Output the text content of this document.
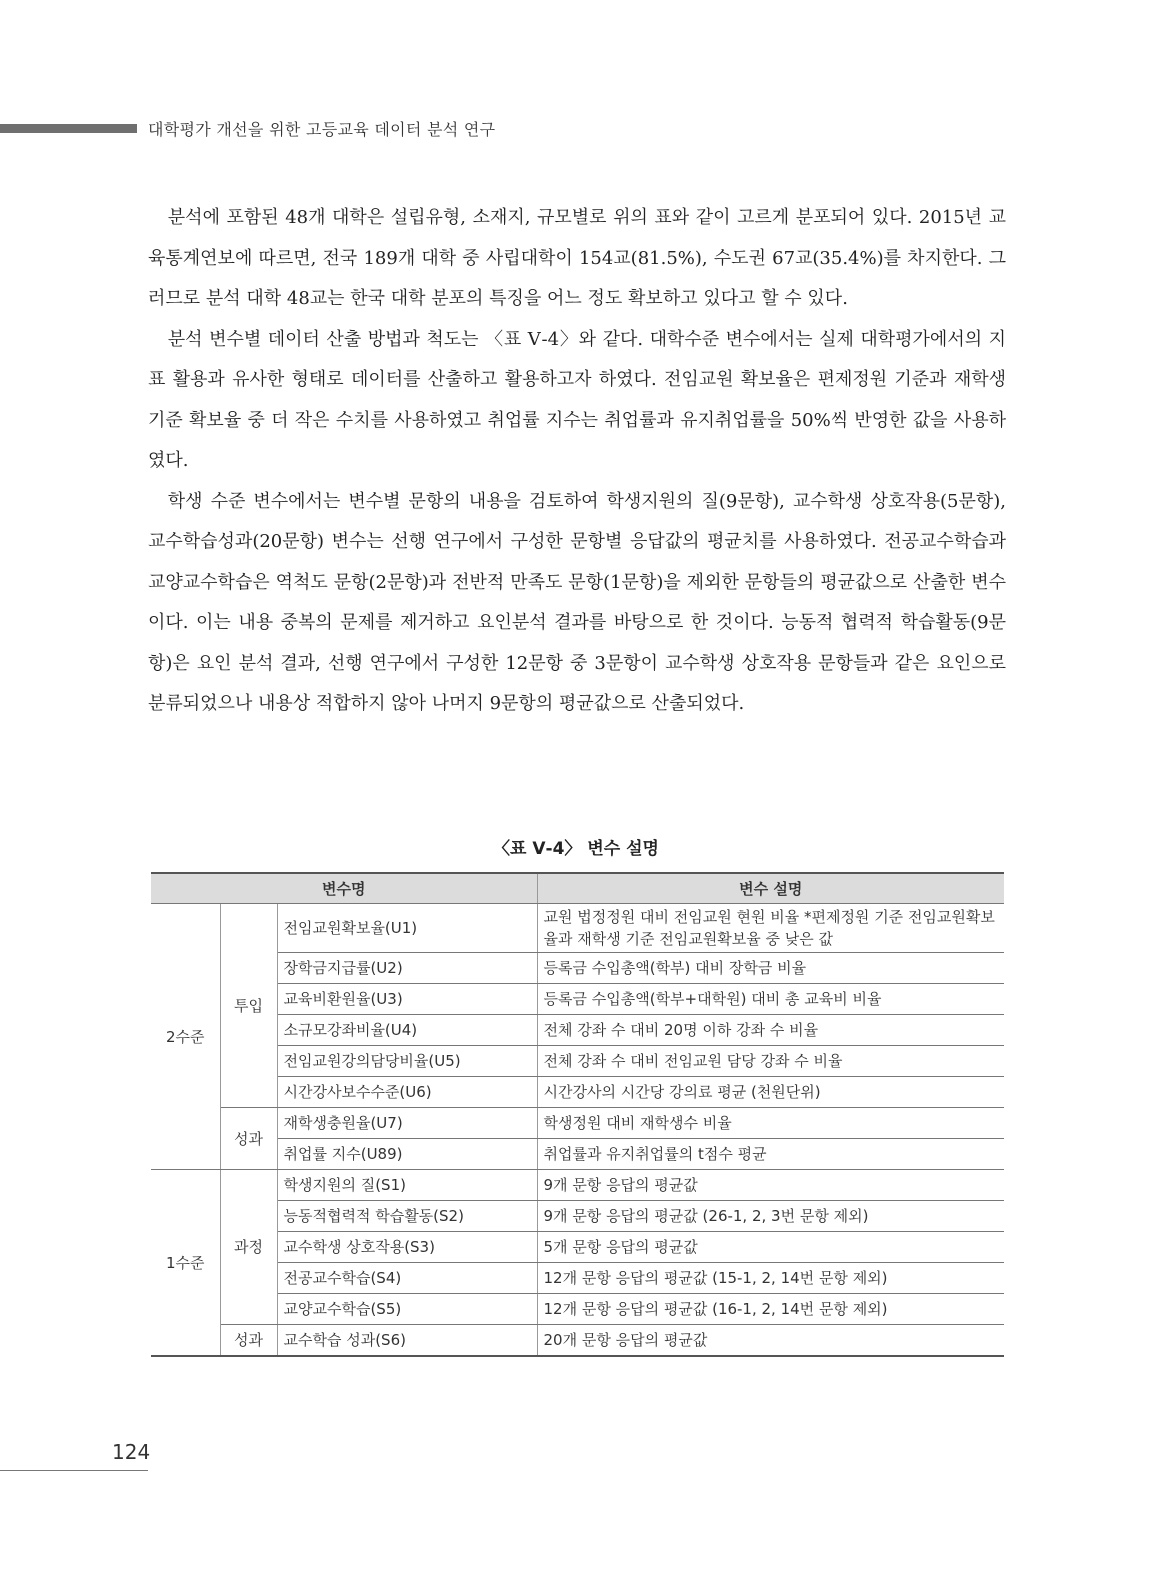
대학평가 개선을 위한 고등교육 데이터 분석 연구

분석에 포함된 48개 대학은 설립유형, 소재지, 규모별로 위의 표와 같이 고르게 분포되어 있다. 2015년 교육통계연보에 따르면, 전국 189개 대학 중 사립대학이 154교(81.5%), 수도권 67교(35.4%)를 차지한다. 그러므로 분석 대학 48교는 한국 대학 분포의 특징을 어느 정도 확보하고 있다고 할 수 있다.

분석 변수별 데이터 산출 방법과 척도는 〈표 Ⅴ-4〉와 같다. 대학수준 변수에서는 실제 대학평가에서의 지표 활용과 유사한 형태로 데이터를 산출하고 활용하고자 하였다. 전임교원 확보율은 편제정원 기준과 재학생 기준 확보율 중 더 작은 수치를 사용하였고 취업률 지수는 취업률과 유지취업률을 50%씩 반영한 값을 사용하였다.

학생 수준 변수에서는 변수별 문항의 내용을 검토하여 학생지원의 질(9문항), 교수학생 상호작용(5문항), 교수학습성과(20문항) 변수는 선행 연구에서 구성한 문항별 응답값의 평균치를 사용하였다. 전공교수학습과 교양교수학습은 역척도 문항(2문항)과 전반적 만족도 문항(1문항)을 제외한 문항들의 평균값으로 산출한 변수이다. 이는 내용 중복의 문제를 제거하고 요인분석 결과를 바탕으로 한 것이다. 능동적 협력적 학습활동(9문항)은 요인 분석 결과, 선행 연구에서 구성한 12문항 중 3문항이 교수학생 상호작용 문항들과 같은 요인으로 분류되었으나 내용상 적합하지 않아 나머지 9문항의 평균값으로 산출되었다.

〈표 Ⅴ-4〉 변수 설명
변수명			변수 설명
2수준	투입	전임교원확보율(U1)	교원 법정정원 대비 전임교원 현원 비율 *편제정원 기준 전임교원확보율과 재학생 기준 전임교원확보율 중 낮은 값
		장학금지급률(U2)	등록금 수입총액(학부) 대비 장학금 비율
		교육비환원율(U3)	등록금 수입총액(학부+대학원) 대비 총 교육비 비율
		소규모강좌비율(U4)	전체 강좌 수 대비 20명 이하 강좌 수 비율
		전임교원강의담당비율(U5)	전체 강좌 수 대비 전임교원 담당 강좌 수 비율
		시간강사보수수준(U6)	시간강사의 시간당 강의료 평균 (천원단위)
	성과	재학생충원율(U7)	학생정원 대비 재학생수 비율
		취업률 지수(U89)	취업률과 유지취업률의 t점수 평균
1수준	과정	학생지원의 질(S1)	9개 문항 응답의 평균값
		능동적협력적 학습활동(S2)	9개 문항 응답의 평균값 (26-1, 2, 3번 문항 제외)
		교수학생 상호작용(S3)	5개 문항 응답의 평균값
		전공교수학습(S4)	12개 문항 응답의 평균값 (15-1, 2, 14번 문항 제외)
		교양교수학습(S5)	12개 문항 응답의 평균값 (16-1, 2, 14번 문항 제외)
	성과	교수학습 성과(S6)	20개 문항 응답의 평균값
124
